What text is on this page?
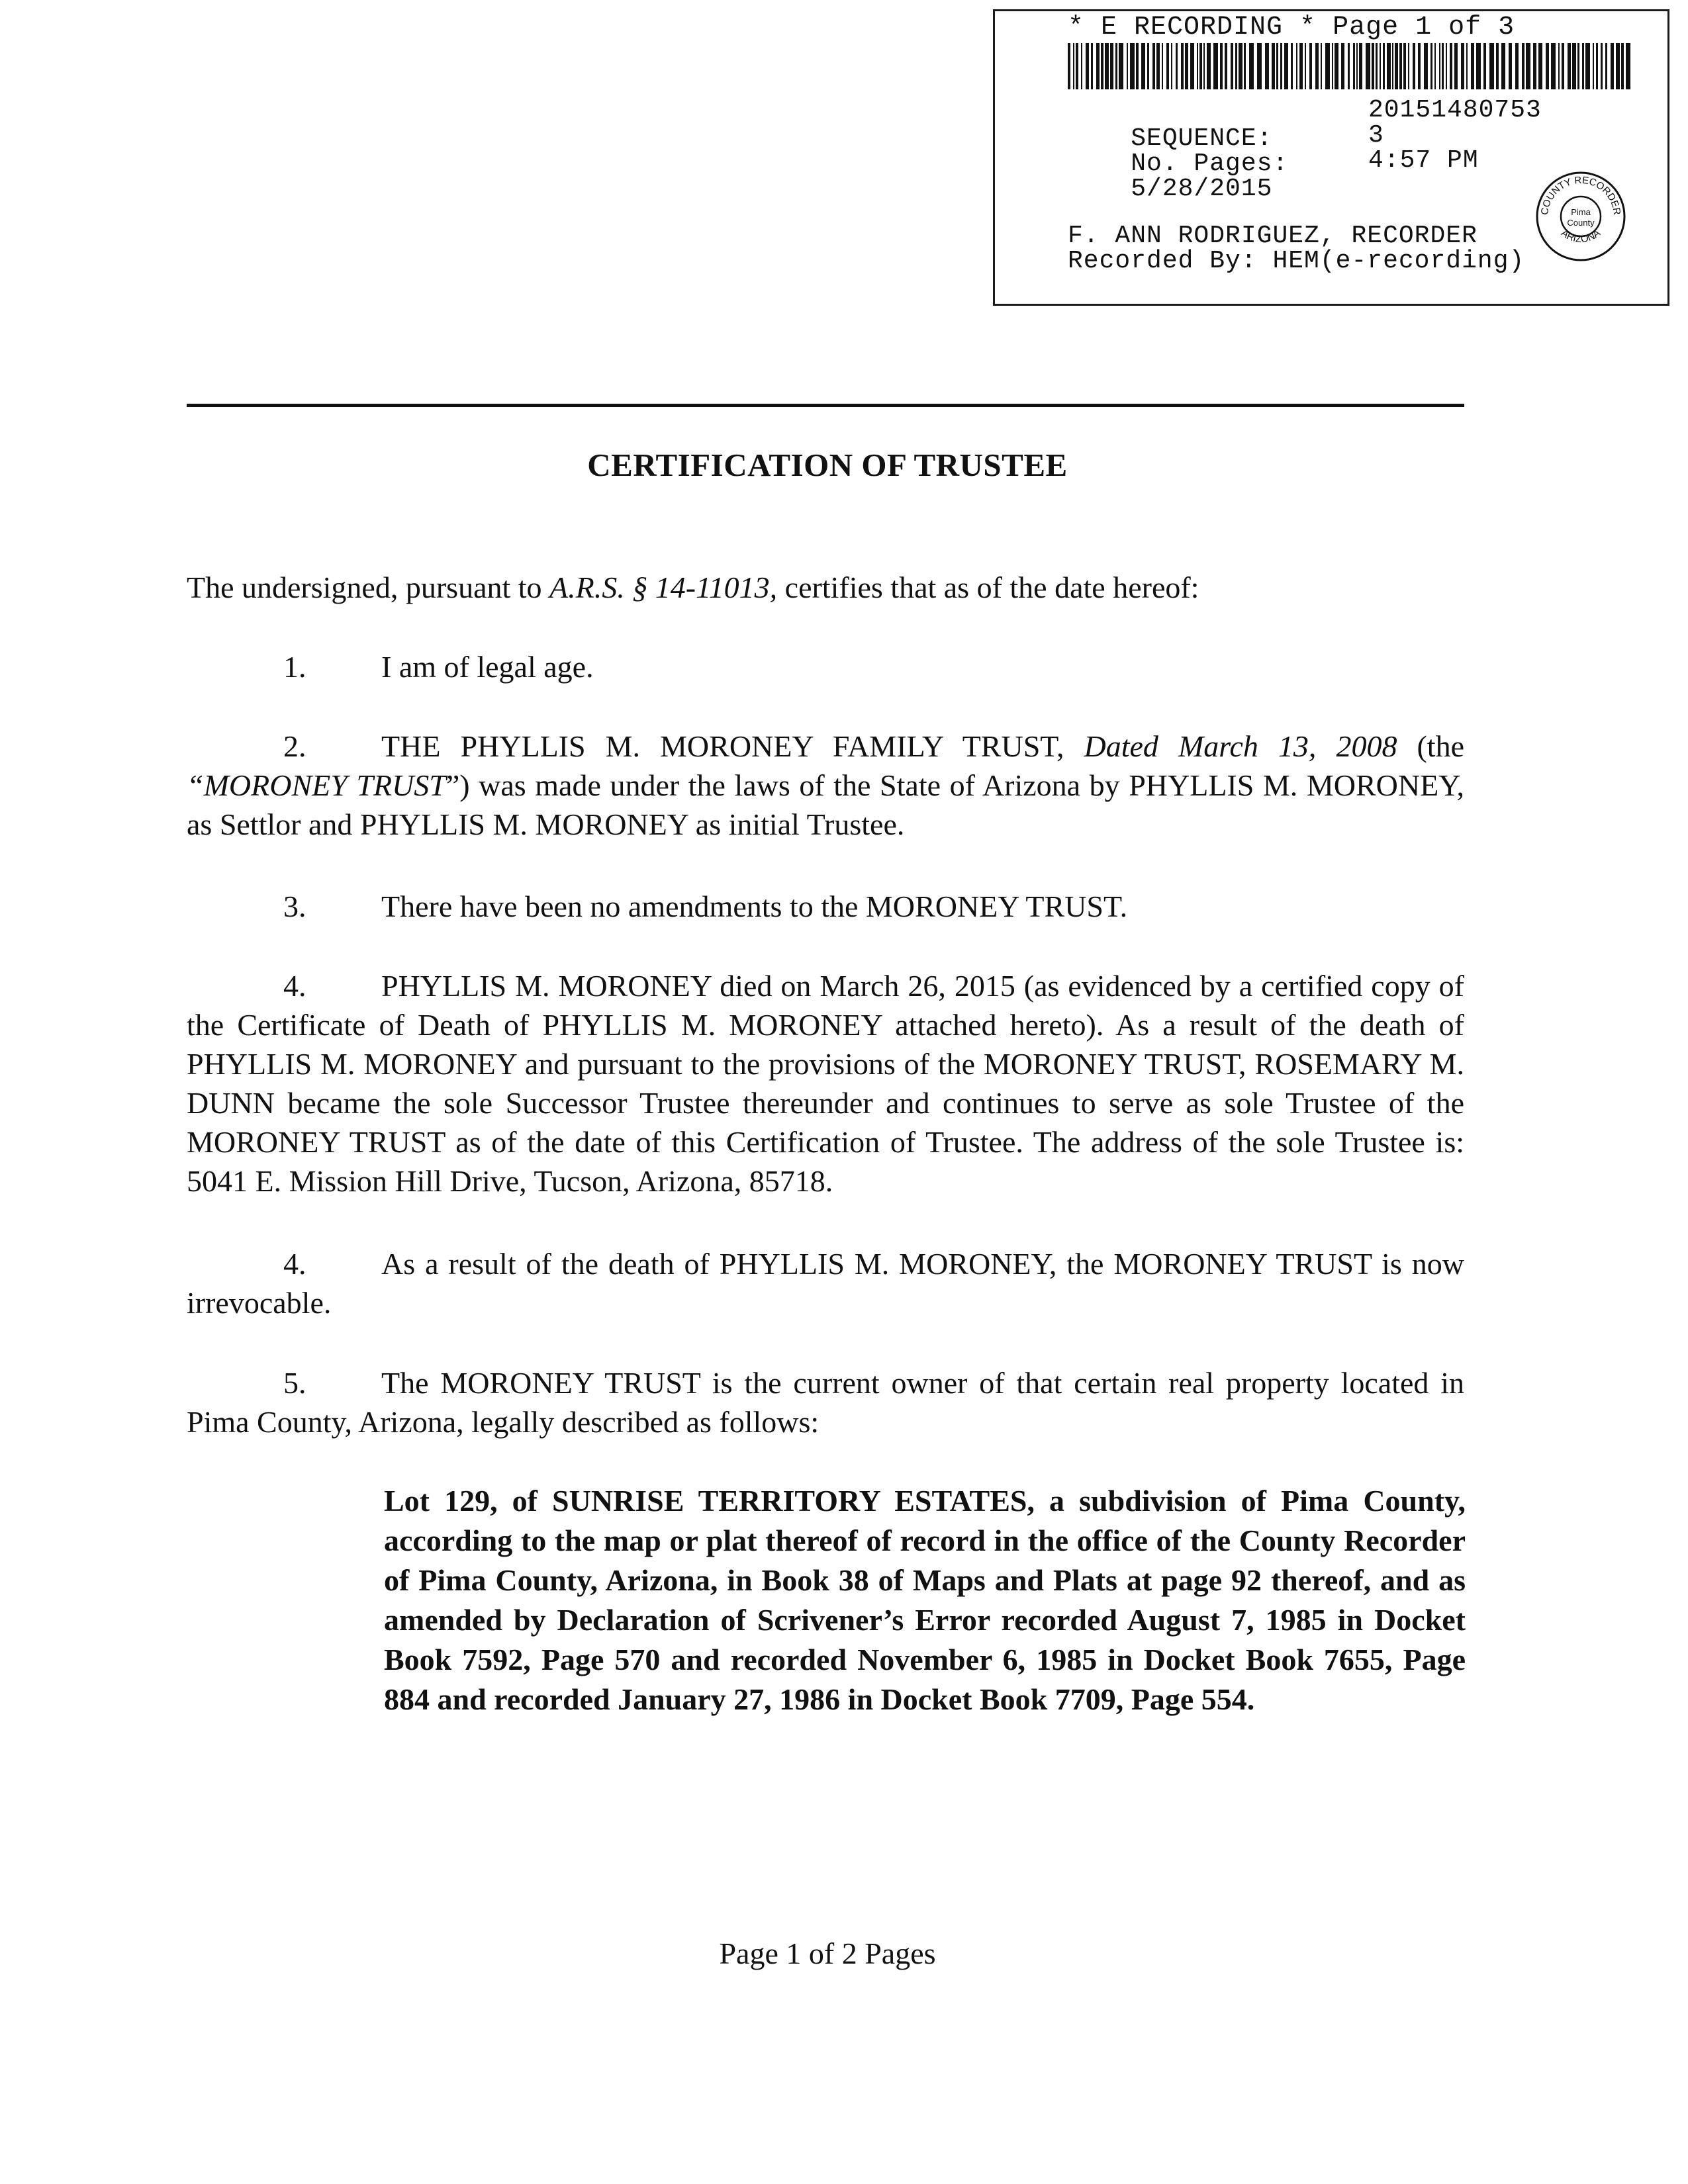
* E RECORDING * Page 1 of 3

SEQUENCE:

20151480753

No. Pages:

3

5/28/2015

4:57 PM

F. ANN RODRIGUEZ, RECORDER
Recorded By: HEM(e-recording)
COUNTY RECORDER
ARIZONA
Pima
County
CERTIFICATION OF TRUSTEE
The undersigned, pursuant to A.R.S. § 14-11013, certifies that as of the date hereof:
1. I am of legal age.
2. THE PHYLLIS M. MORONEY FAMILY TRUST, Dated March 13, 2008 (the “MORONEY TRUST”) was made under the laws of the State of Arizona by PHYLLIS M. MORONEY, as Settlor and PHYLLIS M. MORONEY as initial Trustee.
3. There have been no amendments to the MORONEY TRUST.
4. PHYLLIS M. MORONEY died on March 26, 2015 (as evidenced by a certified copy of the Certificate of Death of PHYLLIS M. MORONEY attached hereto). As a result of the death of PHYLLIS M. MORONEY and pursuant to the provisions of the MORONEY TRUST, ROSEMARY M. DUNN became the sole Successor Trustee thereunder and continues to serve as sole Trustee of the MORONEY TRUST as of the date of this Certification of Trustee. The address of the sole Trustee is: 5041 E. Mission Hill Drive, Tucson, Arizona, 85718.
4. As a result of the death of PHYLLIS M. MORONEY, the MORONEY TRUST is now irrevocable.
5. The MORONEY TRUST is the current owner of that certain real property located in Pima County, Arizona, legally described as follows:
Lot 129, of SUNRISE TERRITORY ESTATES, a subdivision of Pima County, according to the map or plat thereof of record in the office of the County Recorder of Pima County, Arizona, in Book 38 of Maps and Plats at page 92 thereof, and as amended by Declaration of Scrivener’s Error recorded August 7, 1985 in Docket Book 7592, Page 570 and recorded November 6, 1985 in Docket Book 7655, Page 884 and recorded January 27, 1986 in Docket Book 7709, Page 554.
Page 1 of 2 Pages
